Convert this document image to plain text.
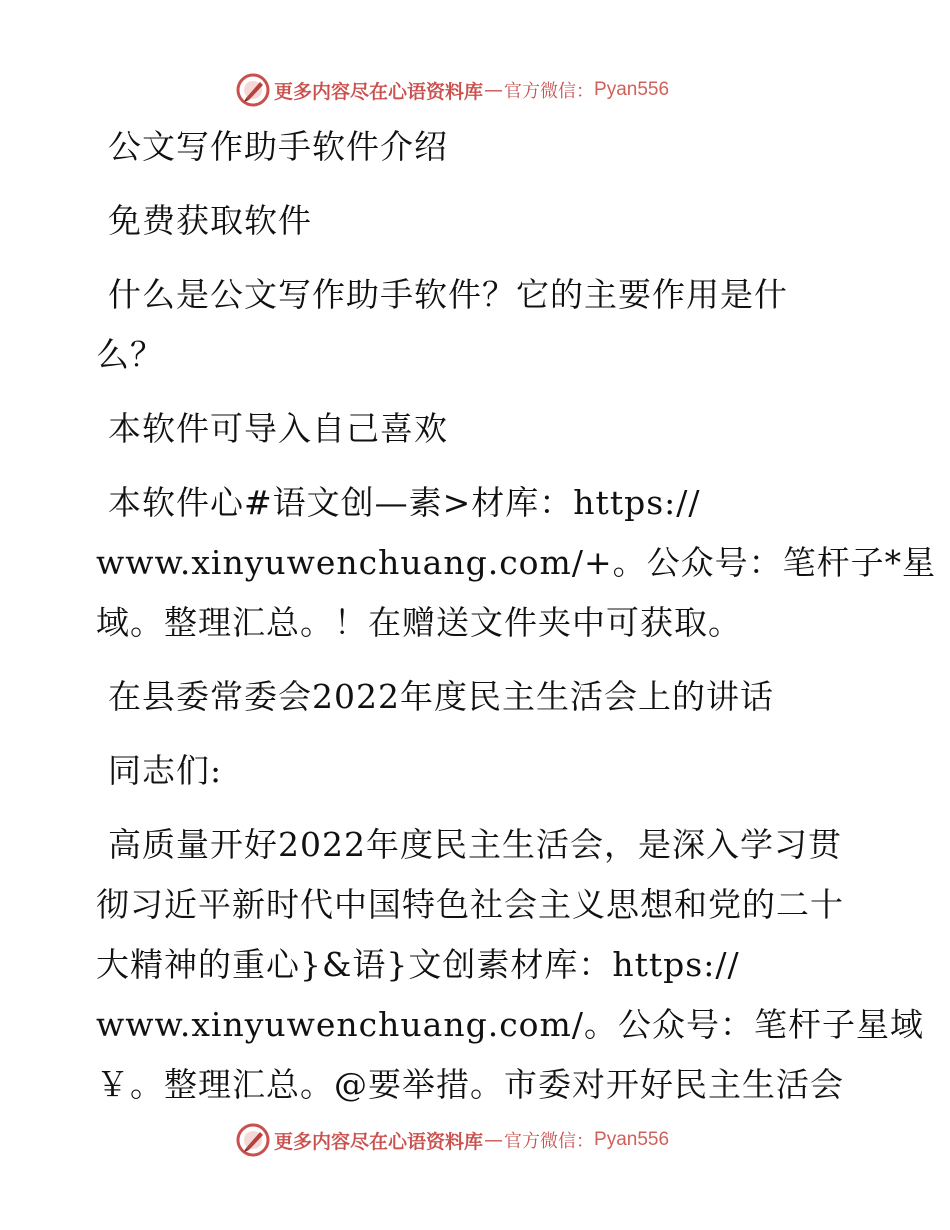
更多内容尽在心语资料库 — 官方微信： Pyan556
公文写作助手软件介绍
免费获取软件
什么是公文写作助手软件？它的主要作用是什
么？
本软件可导入自己喜欢
本软件心#语文创—素>材库：https://
www.xinyuwenchuang.com/+。公众号：笔杆子*星
域。整理汇总。！在赠送文件夹中可获取。
在县委常委会2022年度民主生活会上的讲话
同志们:
高质量开好2022年度民主生活会，是深入学习贯
彻习近平新时代中国特色社会主义思想和党的二十
大精神的重心}&语}文创素材库：https://
www.xinyuwenchuang.com/。公众号：笔杆子星域
￥。整理汇总。@要举措。市委对开好民主生活会
更多内容尽在心语资料库 — 官方微信： Pyan556
